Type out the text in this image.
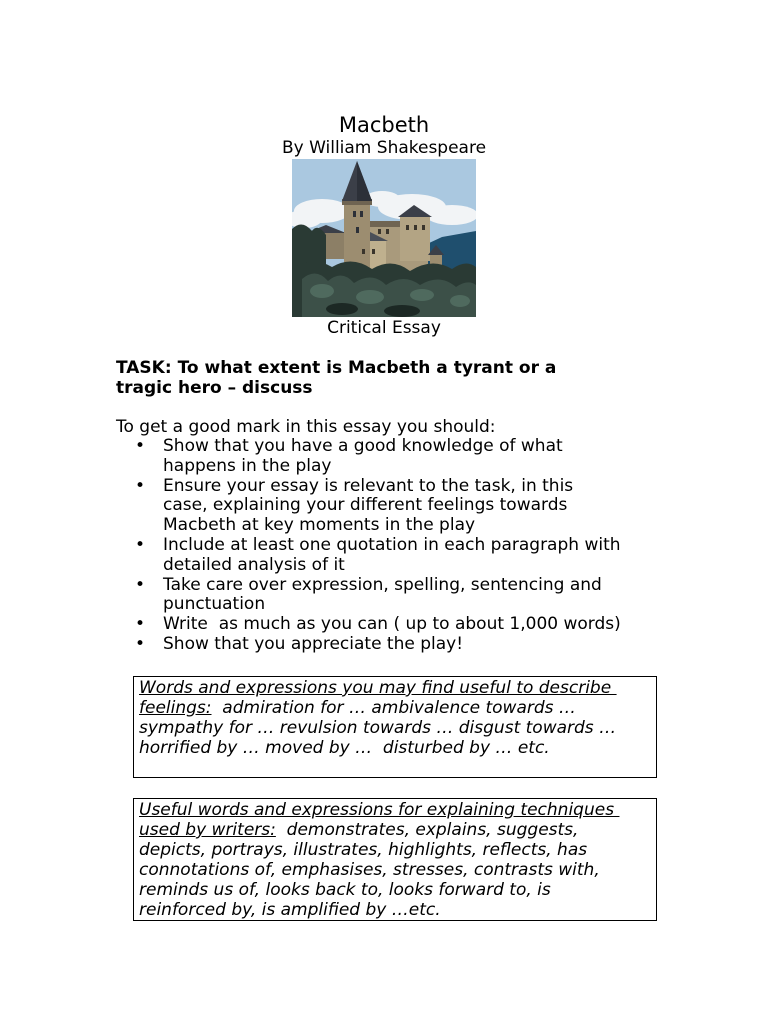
Macbeth
By William Shakespeare
Critical Essay
TASK: To what extent is Macbeth a tyrant or a
tragic hero – discuss
To get a good mark in this essay you should:
• Show that you have a good knowledge of what
happens in the play
• Ensure your essay is relevant to the task, in this
case, explaining your different feelings towards
Macbeth at key moments in the play
• Include at least one quotation in each paragraph with
detailed analysis of it
• Take care over expression, spelling, sentencing and
punctuation
• Write  as much as you can ( up to about 1,000 words)
• Show that you appreciate the play!
Words and expressions you may find useful to describe
feelings:  admiration for … ambivalence towards …
sympathy for … revulsion towards … disgust towards …
horrified by … moved by …  disturbed by … etc.
Useful words and expressions for explaining techniques
used by writers:  demonstrates, explains, suggests,
depicts, portrays, illustrates, highlights, reflects, has
connotations of, emphasises, stresses, contrasts with,
reminds us of, looks back to, looks forward to, is
reinforced by, is amplified by …etc.
